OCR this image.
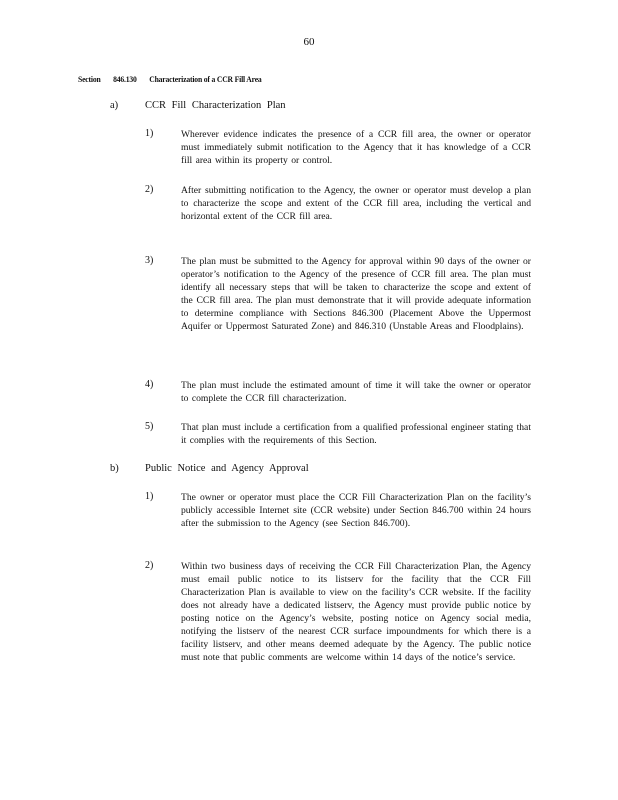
60
Section 846.130 Characterization of a CCR Fill Area
a)	CCR Fill Characterization Plan
1)	Wherever evidence indicates the presence of a CCR fill area, the owner or operator must immediately submit notification to the Agency that it has knowledge of a CCR fill area within its property or control.
2)	After submitting notification to the Agency, the owner or operator must develop a plan to characterize the scope and extent of the CCR fill area, including the vertical and horizontal extent of the CCR fill area.
3)	The plan must be submitted to the Agency for approval within 90 days of the owner or operator’s notification to the Agency of the presence of CCR fill area. The plan must identify all necessary steps that will be taken to characterize the scope and extent of the CCR fill area. The plan must demonstrate that it will provide adequate information to determine compliance with Sections 846.300 (Placement Above the Uppermost Aquifer or Uppermost Saturated Zone) and 846.310 (Unstable Areas and Floodplains).
4)	The plan must include the estimated amount of time it will take the owner or operator to complete the CCR fill characterization.
5)	That plan must include a certification from a qualified professional engineer stating that it complies with the requirements of this Section.
b)	Public Notice and Agency Approval
1)	The owner or operator must place the CCR Fill Characterization Plan on the facility’s publicly accessible Internet site (CCR website) under Section 846.700 within 24 hours after the submission to the Agency (see Section 846.700).
2)	Within two business days of receiving the CCR Fill Characterization Plan, the Agency must email public notice to its listserv for the facility that the CCR Fill Characterization Plan is available to view on the facility’s CCR website. If the facility does not already have a dedicated listserv, the Agency must provide public notice by posting notice on the Agency’s website, posting notice on Agency social media, notifying the listserv of the nearest CCR surface impoundments for which there is a facility listserv, and other means deemed adequate by the Agency. The public notice must note that public comments are welcome within 14 days of the notice’s service.
